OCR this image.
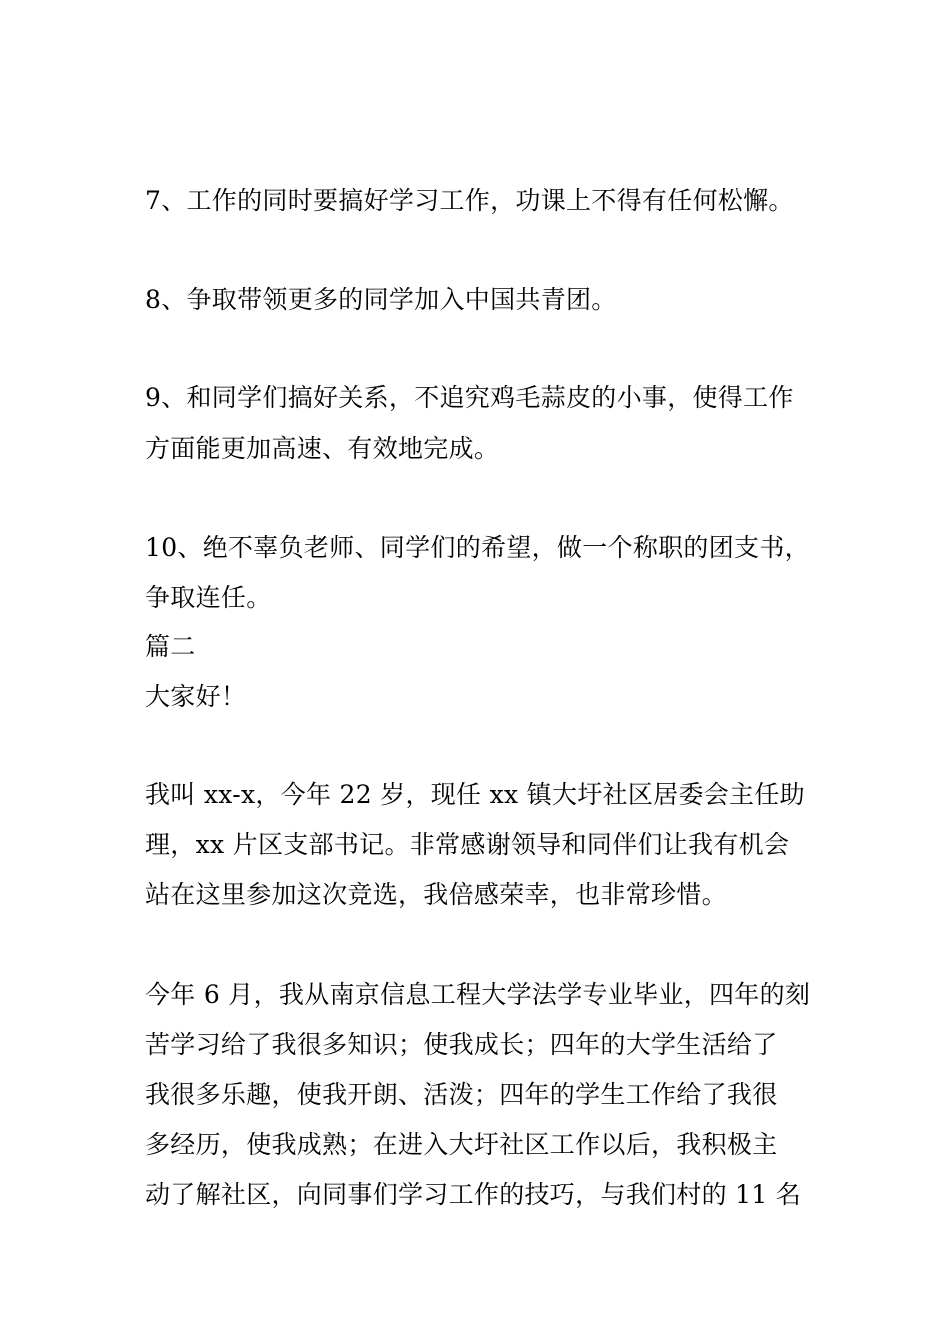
7、工作的同时要搞好学习工作，功课上不得有任何松懈。

8、争取带领更多的同学加入中国共青团。

9、和同学们搞好关系，不追究鸡毛蒜皮的小事，使得工作

方面能更加高速、有效地完成。

10、绝不辜负老师、同学们的希望，做一个称职的团支书，

争取连任。

篇二

大家好！

我叫 xx-x，今年 22 岁，现任 xx 镇大圩社区居委会主任助

理，xx 片区支部书记。非常感谢领导和同伴们让我有机会

站在这里参加这次竞选，我倍感荣幸，也非常珍惜。

今年 6 月，我从南京信息工程大学法学专业毕业，四年的刻

苦学习给了我很多知识；使我成长；四年的大学生活给了

我很多乐趣，使我开朗、活泼；四年的学生工作给了我很

多经历，使我成熟；在进入大圩社区工作以后，我积极主

动了解社区，向同事们学习工作的技巧，与我们村的 11 名
